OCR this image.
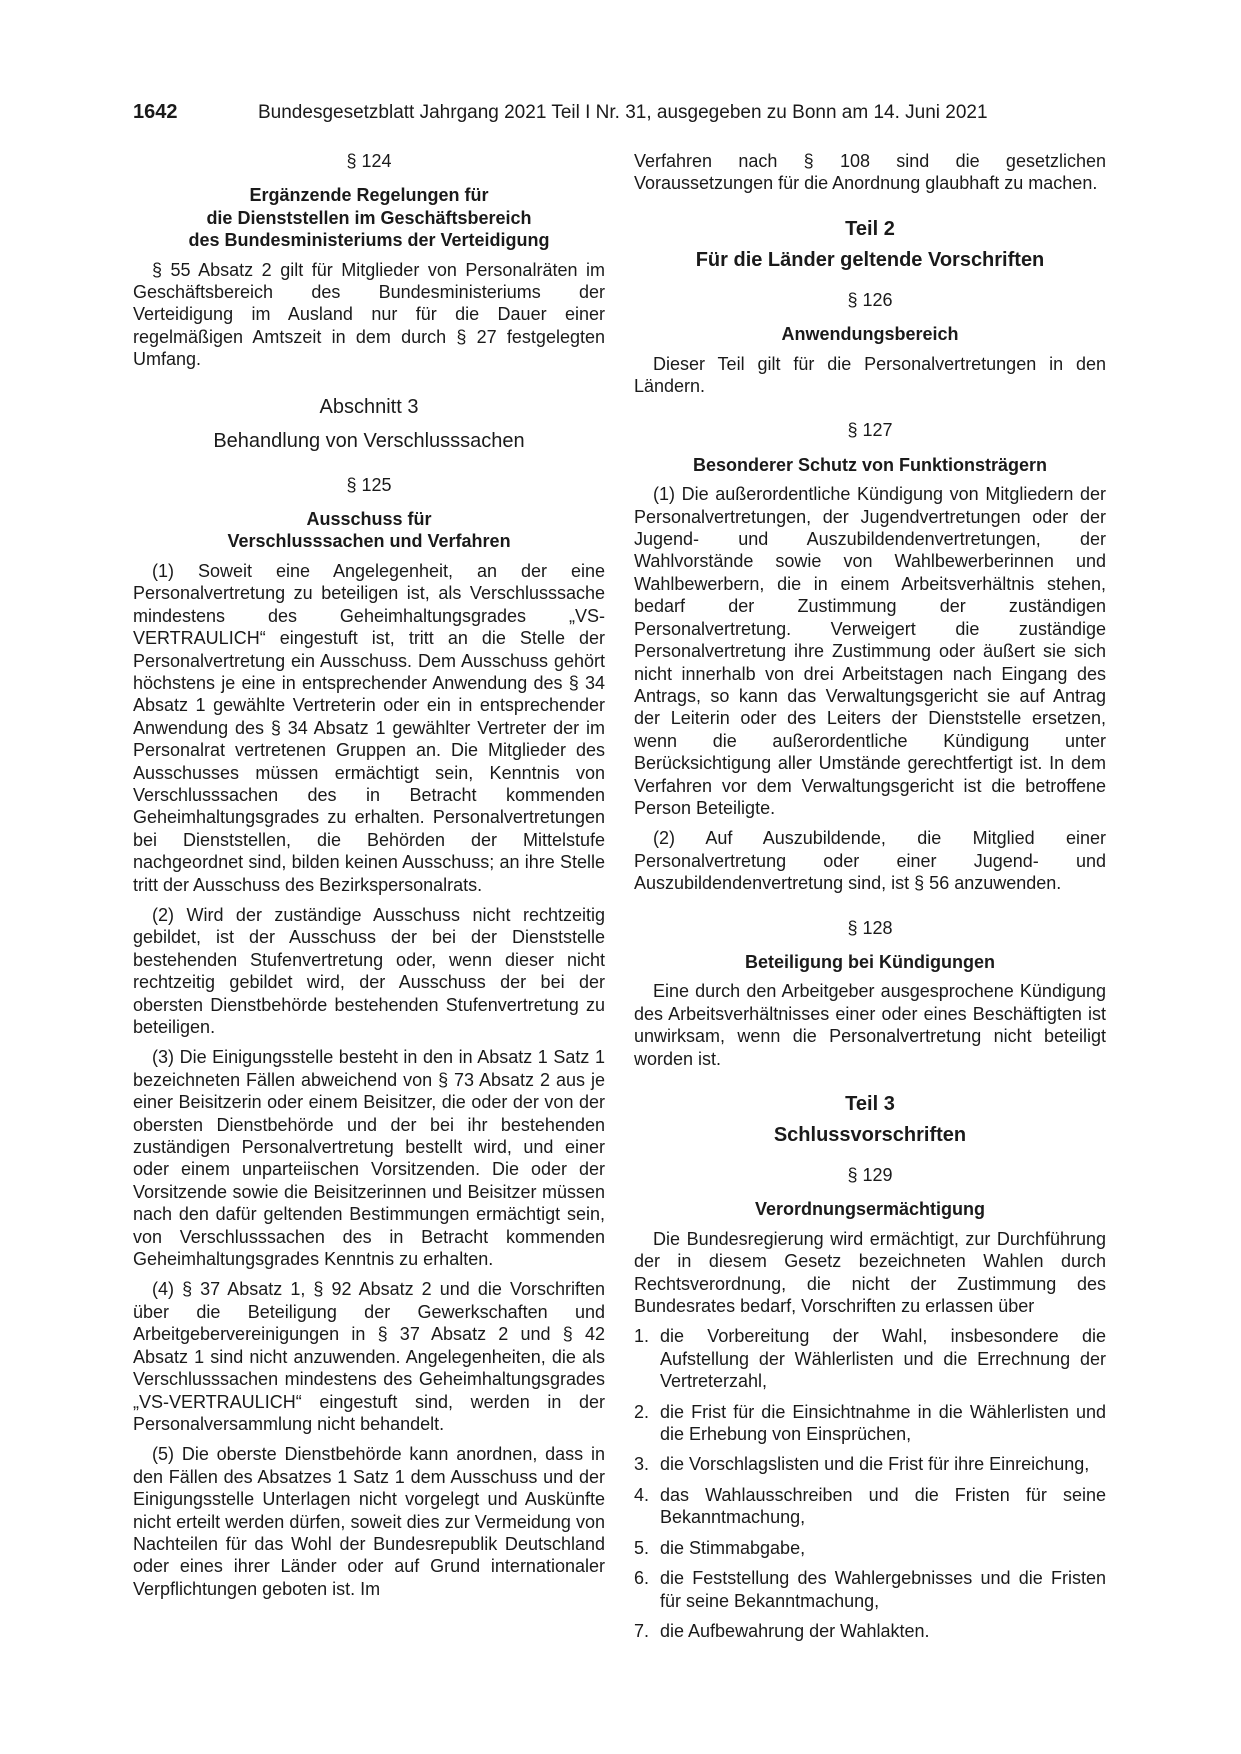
1642	Bundesgesetzblatt Jahrgang 2021 Teil I Nr. 31, ausgegeben zu Bonn am 14. Juni 2021
§ 124
Ergänzende Regelungen für
die Dienststellen im Geschäftsbereich
des Bundesministeriums der Verteidigung

§ 55 Absatz 2 gilt für Mitglieder von Personalräten im Geschäftsbereich des Bundesministeriums der Verteidigung im Ausland nur für die Dauer einer regelmäßigen Amtszeit in dem durch § 27 festgelegten Umfang.

Abschnitt 3
Behandlung von Verschlusssachen
§ 125
Ausschuss für
Verschlusssachen und Verfahren

(1) Soweit eine Angelegenheit, an der eine Personalvertretung zu beteiligen ist, als Verschlusssache mindestens des Geheimhaltungsgrades „VS-VERTRAULICH“ eingestuft ist, tritt an die Stelle der Personalvertretung ein Ausschuss. Dem Ausschuss gehört höchstens je eine in entsprechender Anwendung des § 34 Absatz 1 gewählte Vertreterin oder ein in entsprechender Anwendung des § 34 Absatz 1 gewählter Vertreter der im Personalrat vertretenen Gruppen an. Die Mitglieder des Ausschusses müssen ermächtigt sein, Kenntnis von Verschlusssachen des in Betracht kommenden Geheimhaltungsgrades zu erhalten. Personalvertretungen bei Dienststellen, die Behörden der Mittelstufe nachgeordnet sind, bilden keinen Ausschuss; an ihre Stelle tritt der Ausschuss des Bezirkspersonalrats.

(2) Wird der zuständige Ausschuss nicht rechtzeitig gebildet, ist der Ausschuss der bei der Dienststelle bestehenden Stufenvertretung oder, wenn dieser nicht rechtzeitig gebildet wird, der Ausschuss der bei der obersten Dienstbehörde bestehenden Stufenvertretung zu beteiligen.

(3) Die Einigungsstelle besteht in den in Absatz 1 Satz 1 bezeichneten Fällen abweichend von § 73 Absatz 2 aus je einer Beisitzerin oder einem Beisitzer, die oder der von der obersten Dienstbehörde und der bei ihr bestehenden zuständigen Personalvertretung bestellt wird, und einer oder einem unparteiischen Vorsitzenden. Die oder der Vorsitzende sowie die Beisitzerinnen und Beisitzer müssen nach den dafür geltenden Bestimmungen ermächtigt sein, von Verschlusssachen des in Betracht kommenden Geheimhaltungsgrades Kenntnis zu erhalten.

(4) § 37 Absatz 1, § 92 Absatz 2 und die Vorschriften über die Beteiligung der Gewerkschaften und Arbeitgebervereinigungen in § 37 Absatz 2 und § 42 Absatz 1 sind nicht anzuwenden. Angelegenheiten, die als Verschlusssachen mindestens des Geheimhaltungsgrades „VS-VERTRAULICH“ eingestuft sind, werden in der Personalversammlung nicht behandelt.

(5) Die oberste Dienstbehörde kann anordnen, dass in den Fällen des Absatzes 1 Satz 1 dem Ausschuss und der Einigungsstelle Unterlagen nicht vorgelegt und Auskünfte nicht erteilt werden dürfen, soweit dies zur Vermeidung von Nachteilen für das Wohl der Bundesrepublik Deutschland oder eines ihrer Länder oder auf Grund internationaler Verpflichtungen geboten ist. Im

Verfahren nach § 108 sind die gesetzlichen Voraussetzungen für die Anordnung glaubhaft zu machen.

Teil 2
Für die Länder geltende Vorschriften
§ 126
Anwendungsbereich

Dieser Teil gilt für die Personalvertretungen in den Ländern.

§ 127
Besonderer Schutz von Funktionsträgern

(1) Die außerordentliche Kündigung von Mitgliedern der Personalvertretungen, der Jugendvertretungen oder der Jugend- und Auszubildendenvertretungen, der Wahlvorstände sowie von Wahlbewerberinnen und Wahlbewerbern, die in einem Arbeitsverhältnis stehen, bedarf der Zustimmung der zuständigen Personalvertretung. Verweigert die zuständige Personalvertretung ihre Zustimmung oder äußert sie sich nicht innerhalb von drei Arbeitstagen nach Eingang des Antrags, so kann das Verwaltungsgericht sie auf Antrag der Leiterin oder des Leiters der Dienststelle ersetzen, wenn die außerordentliche Kündigung unter Berücksichtigung aller Umstände gerechtfertigt ist. In dem Verfahren vor dem Verwaltungsgericht ist die betroffene Person Beteiligte.

(2) Auf Auszubildende, die Mitglied einer Personalvertretung oder einer Jugend- und Auszubildendenvertretung sind, ist § 56 anzuwenden.

§ 128
Beteiligung bei Kündigungen

Eine durch den Arbeitgeber ausgesprochene Kündigung des Arbeitsverhältnisses einer oder eines Beschäftigten ist unwirksam, wenn die Personalvertretung nicht beteiligt worden ist.

Teil 3
Schlussvorschriften
§ 129
Verordnungsermächtigung

Die Bundesregierung wird ermächtigt, zur Durchführung der in diesem Gesetz bezeichneten Wahlen durch Rechtsverordnung, die nicht der Zustimmung des Bundesrates bedarf, Vorschriften zu erlassen über

1. die Vorbereitung der Wahl, insbesondere die Aufstellung der Wählerlisten und die Errechnung der Vertreterzahl,
2. die Frist für die Einsichtnahme in die Wählerlisten und die Erhebung von Einsprüchen,
3. die Vorschlagslisten und die Frist für ihre Einreichung,
4. das Wahlausschreiben und die Fristen für seine Bekanntmachung,
5. die Stimmabgabe,
6. die Feststellung des Wahlergebnisses und die Fristen für seine Bekanntmachung,
7. die Aufbewahrung der Wahlakten.
